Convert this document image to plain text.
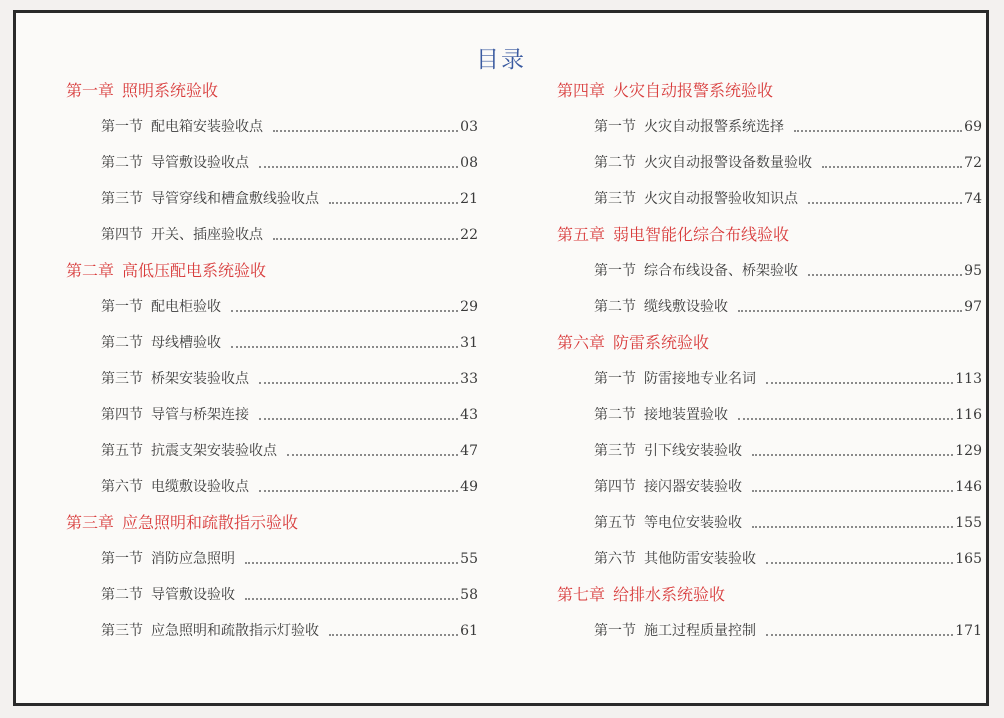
目录
第一章 照明系统验收
第一节 配电箱安装验收点	03
第二节 导管敷设验收点	08
第三节 导管穿线和槽盒敷线验收点	21
第四节 开关、插座验收点	22
第二章 高低压配电系统验收
第一节 配电柜验收	29
第二节 母线槽验收	31
第三节 桥架安装验收点	33
第四节 导管与桥架连接	43
第五节 抗震支架安装验收点	47
第六节 电缆敷设验收点	49
第三章 应急照明和疏散指示验收
第一节 消防应急照明	55
第二节 导管敷设验收	58
第三节 应急照明和疏散指示灯验收	61
第四章 火灾自动报警系统验收
第一节 火灾自动报警系统选择	69
第二节 火灾自动报警设备数量验收	72
第三节 火灾自动报警验收知识点	74
第五章 弱电智能化综合布线验收
第一节 综合布线设备、桥架验收	95
第二节 缆线敷设验收	97
第六章 防雷系统验收
第一节 防雷接地专业名词	113
第二节 接地装置验收	116
第三节 引下线安装验收	129
第四节 接闪器安装验收	146
第五节 等电位安装验收	155
第六节 其他防雷安装验收	165
第七章 给排水系统验收
第一节 施工过程质量控制	171
